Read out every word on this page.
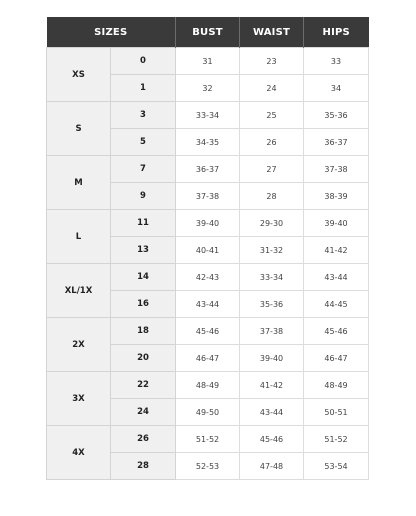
SIZES		BUST	WAIST	HIPS
XS	0	31	23	33
	1	32	24	34
S	3	33-34	25	35-36
	5	34-35	26	36-37
M	7	36-37	27	37-38
	9	37-38	28	38-39
L	11	39-40	29-30	39-40
	13	40-41	31-32	41-42
XL/1X	14	42-43	33-34	43-44
	16	43-44	35-36	44-45
2X	18	45-46	37-38	45-46
	20	46-47	39-40	46-47
3X	22	48-49	41-42	48-49
	24	49-50	43-44	50-51
4X	26	51-52	45-46	51-52
	28	52-53	47-48	53-54
